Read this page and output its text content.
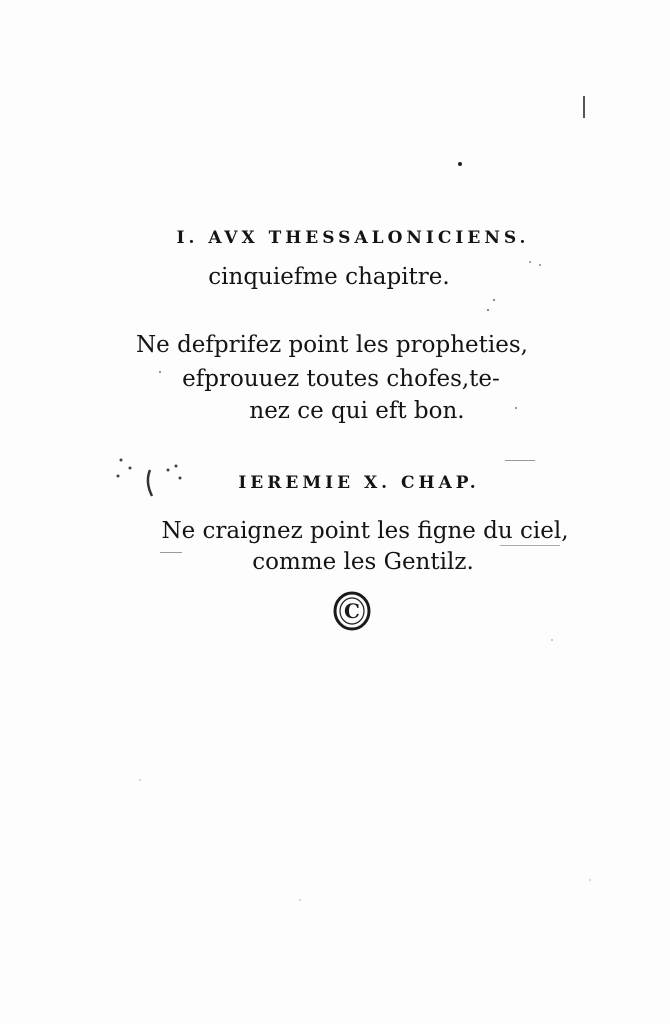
I. AVX THESSALONICIENS.
cinquiefme chapitre.
Ne defprifez point les propheties,
efprouuez toutes chofes,te-
nez ce qui eft bon.
IEREMIE X. CHAP.
Ne craignez point les figne du ciel,
comme les Gentilz.
C
